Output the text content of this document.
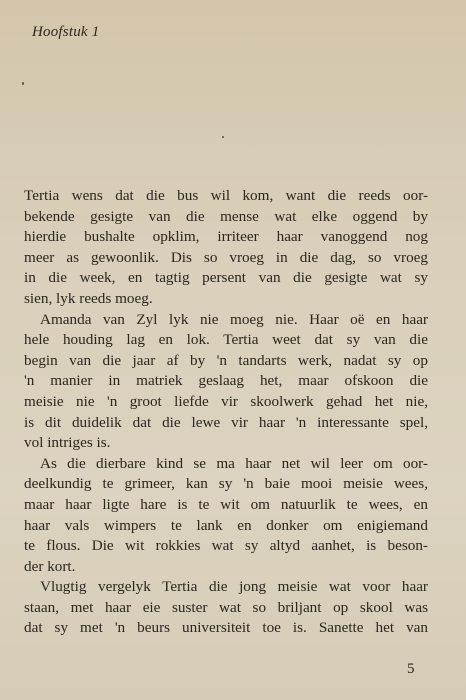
Hoofstuk 1
Tertia wens dat die bus wil kom, want die reeds oor-
bekende gesigte van die mense wat elke oggend by
hierdie bushalte opklim, irriteer haar vanoggend nog
meer as gewoonlik. Dis so vroeg in die dag, so vroeg
in die week, en tagtig persent van die gesigte wat sy
sien, lyk reeds moeg.
Amanda van Zyl lyk nie moeg nie. Haar oë en haar
hele houding lag en lok. Tertia weet dat sy van die
begin van die jaar af by 'n tandarts werk, nadat sy op
'n manier in matriek geslaag het, maar ofskoon die
meisie nie 'n groot liefde vir skoolwerk gehad het nie,
is dit duidelik dat die lewe vir haar 'n interessante spel,
vol intriges is.
As die dierbare kind se ma haar net wil leer om oor-
deelkundig te grimeer, kan sy 'n baie mooi meisie wees,
maar haar ligte hare is te wit om natuurlik te wees, en
haar vals wimpers te lank en donker om enigiemand
te flous. Die wit rokkies wat sy altyd aanhet, is beson-
der kort.
Vlugtig vergelyk Tertia die jong meisie wat voor haar
staan, met haar eie suster wat so briljant op skool was
dat sy met 'n beurs universiteit toe is. Sanette het van
5
